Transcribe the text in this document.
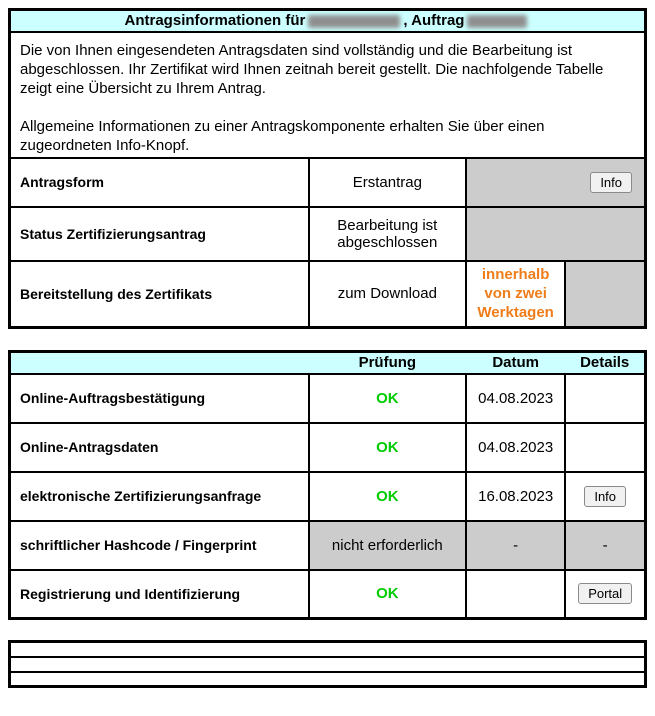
Antragsinformationen für , Auftrag			

Die von Ihnen eingesendeten Antragsdaten sind vollständig und die Bearbeitung ist abgeschlossen. Ihr Zertifikat wird Ihnen zeitnah bereit gestellt. Die nachfolgende Tabelle zeigt eine Übersicht zu Ihrem Antrag.

Allgemeine Informationen zu einer Antragskomponente erhalten Sie über einen zugeordneten Info-Knopf.			

Antragsform	Erstantrag	Info	
Status Zertifizierungsantrag	Bearbeitung ist abgeschlossen		
Bereitstellung des Zertifikats	zum Download	innerhalb von zwei Werktagen	
	Prüfung	Datum	Details
Online-Auftragsbestätigung	OK	04.08.2023	
Online-Antragsdaten	OK	04.08.2023	
elektronische Zertifizierungsanfrage	OK	16.08.2023	Info
schriftlicher Hashcode / Fingerprint	nicht erforderlich	-	-
Registrierung und Identifizierung	OK		Portal
